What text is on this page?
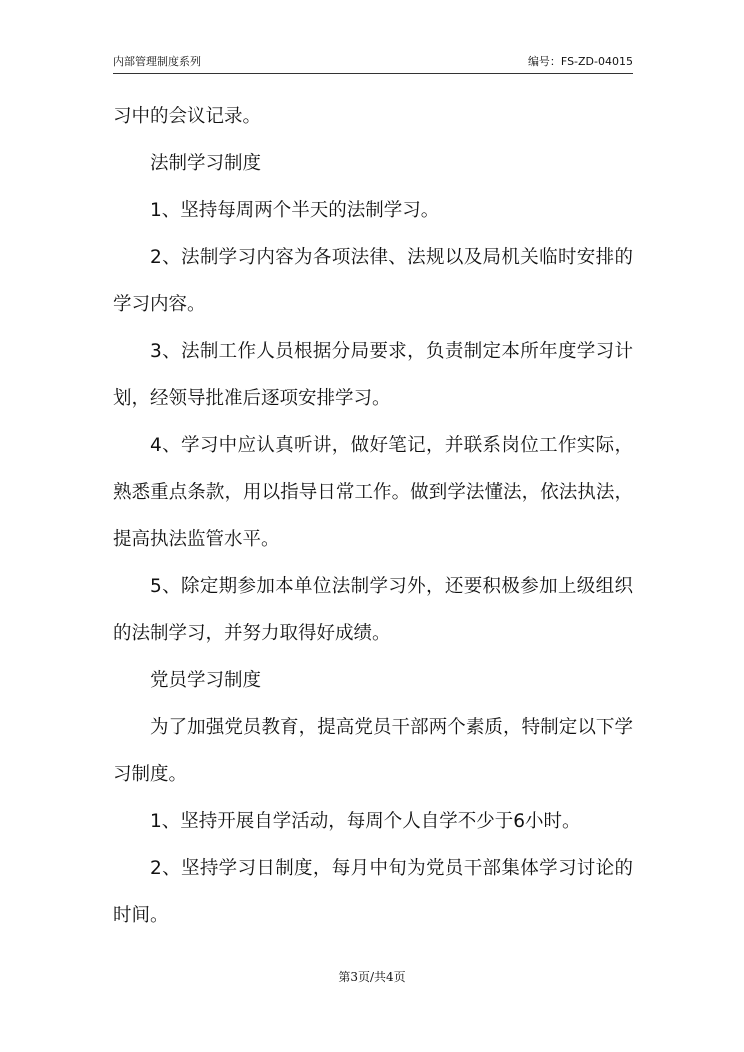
内部管理制度系列	编号：FS-ZD-04015

习中的会议记录。

法制学习制度

1、坚持每周两个半天的法制学习。

2、法制学习内容为各项法律、法规以及局机关临时安排的学习内容。

3、法制工作人员根据分局要求，负责制定本所年度学习计划，经领导批准后逐项安排学习。

4、学习中应认真听讲，做好笔记，并联系岗位工作实际，熟悉重点条款，用以指导日常工作。做到学法懂法，依法执法，提高执法监管水平。

5、除定期参加本单位法制学习外，还要积极参加上级组织的法制学习，并努力取得好成绩。

党员学习制度

为了加强党员教育，提高党员干部两个素质，特制定以下学习制度。

1、坚持开展自学活动，每周个人自学不少于6小时。

2、坚持学习日制度，每月中旬为党员干部集体学习讨论的时间。

第3页/共4页
